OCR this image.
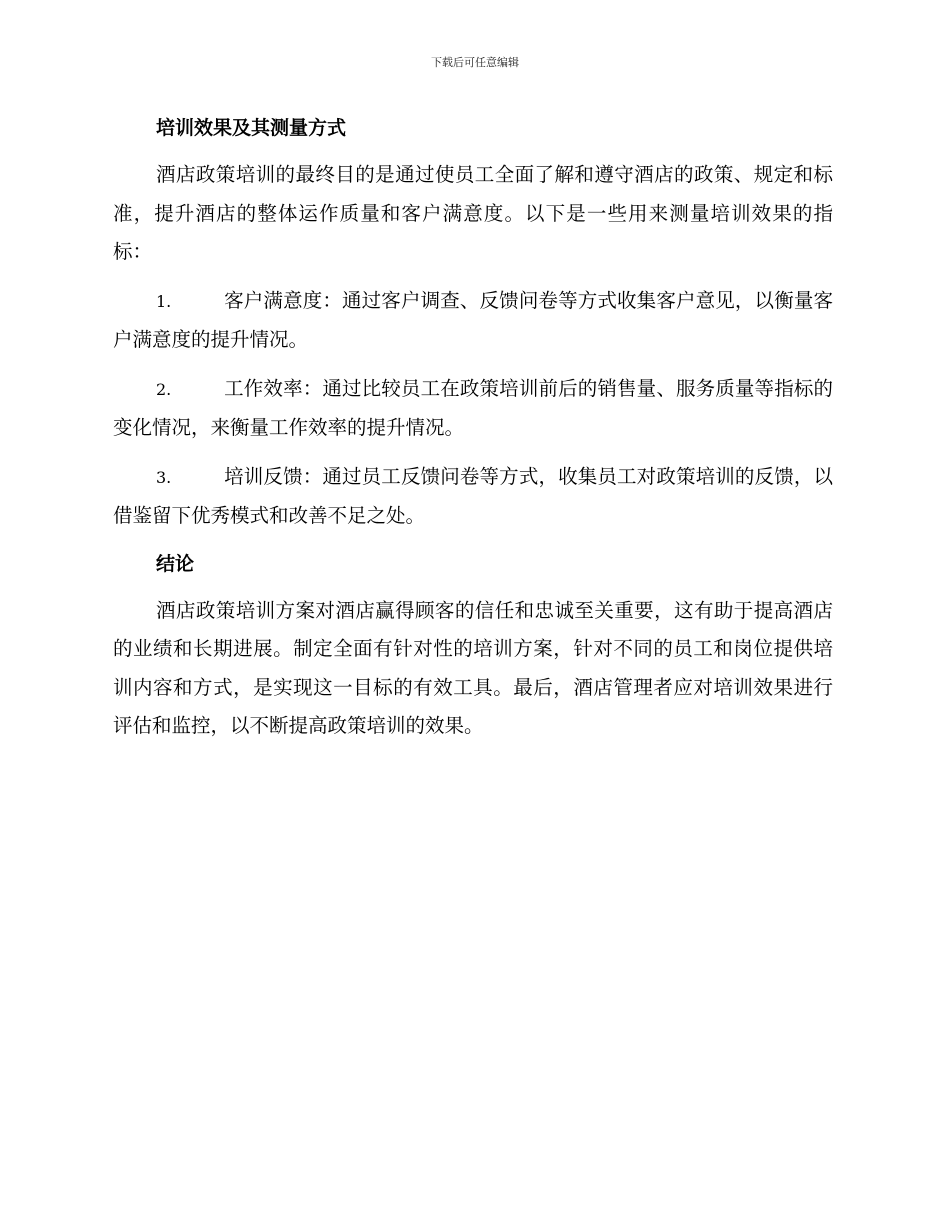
下载后可任意编辑
培训效果及其测量方式

酒店政策培训的最终目的是通过使员工全面了解和遵守酒店的政策、规定和标准，提升酒店的整体运作质量和客户满意度。以下是一些用来测量培训效果的指标：

1.	客户满意度：通过客户调查、反馈问卷等方式收集客户意见，以衡量客户满意度的提升情况。

2.	工作效率：通过比较员工在政策培训前后的销售量、服务质量等指标的变化情况，来衡量工作效率的提升情况。

3.	培训反馈：通过员工反馈问卷等方式，收集员工对政策培训的反馈，以借鉴留下优秀模式和改善不足之处。

结论

酒店政策培训方案对酒店赢得顾客的信任和忠诚至关重要，这有助于提高酒店的业绩和长期进展。制定全面有针对性的培训方案，针对不同的员工和岗位提供培训内容和方式，是实现这一目标的有效工具。最后，酒店管理者应对培训效果进行评估和监控，以不断提高政策培训的效果。
